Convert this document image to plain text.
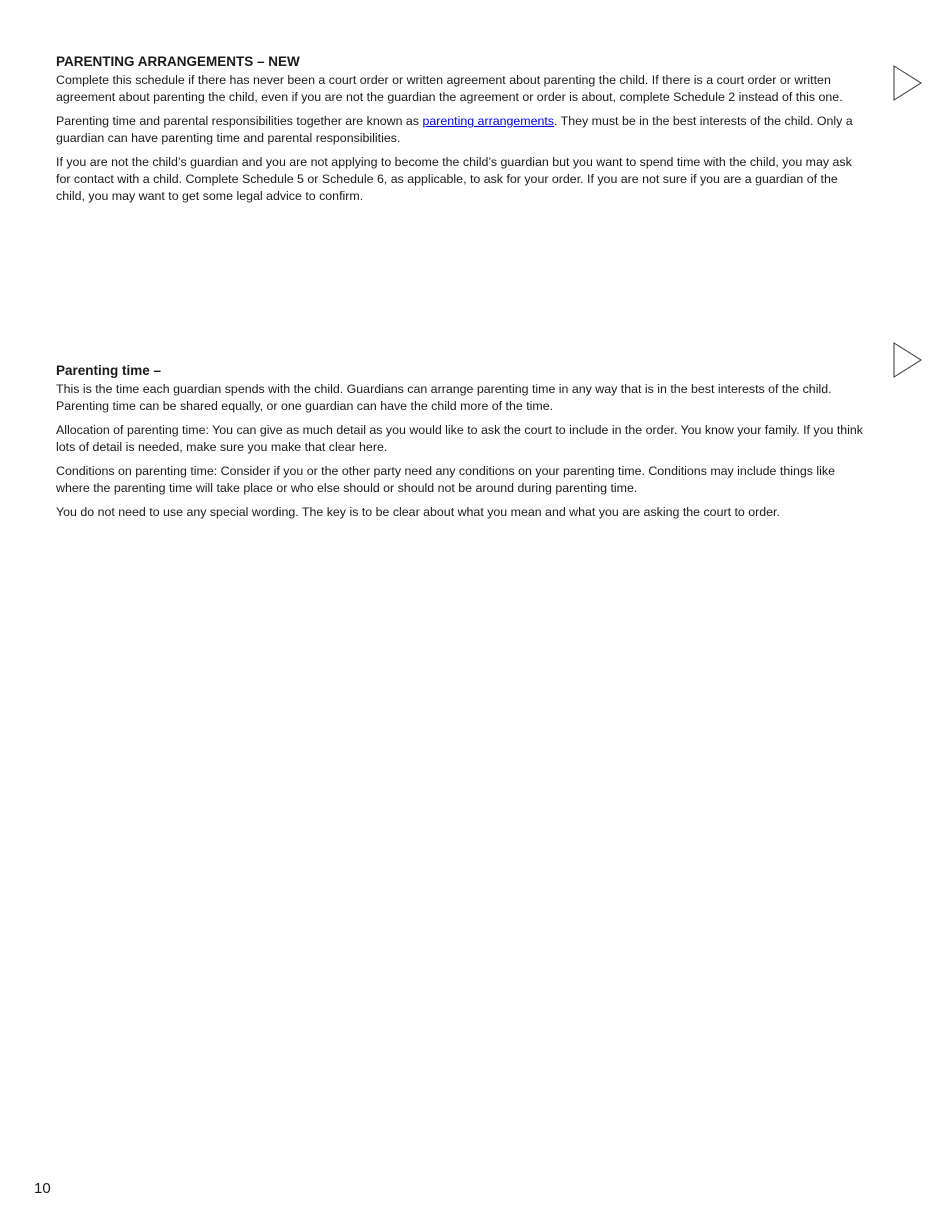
PARENTING ARRANGEMENTS – NEW

Complete this schedule if there has never been a court order or written agreement about parenting the child. If there is a court order or written agreement about parenting the child, even if you are not the guardian the agreement or order is about, complete Schedule 2 instead of this one.

Parenting time and parental responsibilities together are known as parenting arrangements. They must be in the best interests of the child. Only a guardian can have parenting time and parental responsibilities.

If you are not the child’s guardian and you are not applying to become the child’s guardian but you want to spend time with the child, you may ask for contact with a child. Complete Schedule 5 or Schedule 6, as applicable, to ask for your order. If you are not sure if you are a guardian of the child, you may want to get some legal advice to confirm.

Parenting time –

This is the time each guardian spends with the child. Guardians can arrange parenting time in any way that is in the best interests of the child. Parenting time can be shared equally, or one guardian can have the child more of the time.

Allocation of parenting time: You can give as much detail as you would like to ask the court to include in the order. You know your family. If you think lots of detail is needed, make sure you make that clear here.

Conditions on parenting time: Consider if you or the other party need any conditions on your parenting time. Conditions may include things like where the parenting time will take place or who else should or should not be around during parenting time.

You do not need to use any special wording. The key is to be clear about what you mean and what you are asking the court to order.

10
